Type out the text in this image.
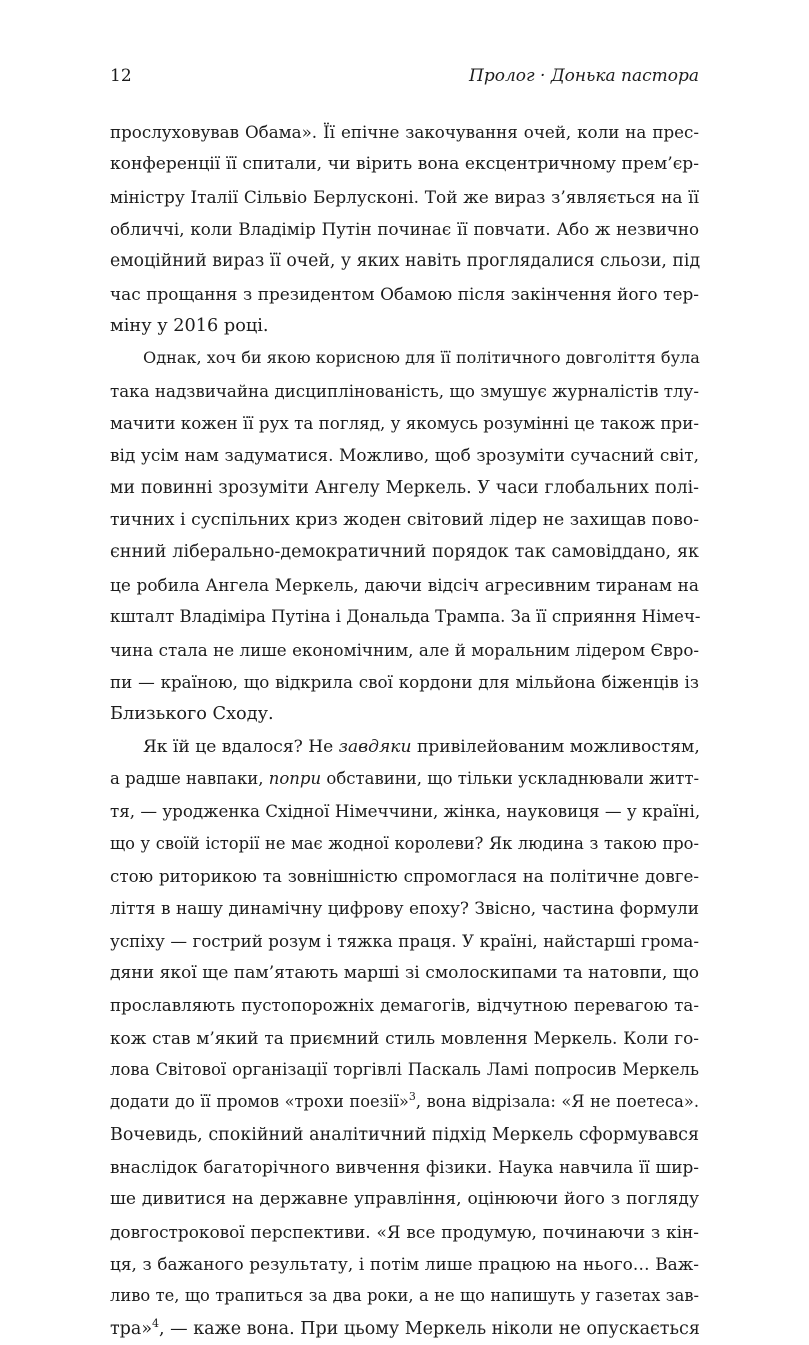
12	Пролог · Донька пастора
прослуховував Обама». Її епічне закочування очей, коли на прес-
конференції її спитали, чи вірить вона ексцентричному прем’єр-
міністру Італії Сільвіо Берлусконі. Той же вираз з’являється на її
обличчі, коли Владімір Путін починає її повчати. Або ж незвично
емоційний вираз її очей, у яких навіть проглядалися сльози, під
час прощання з президентом Обамою після закінчення його тер-
міну у 2016 році.
Однак, хоч би якою корисною для її політичного довголіття була
така надзвичайна дисциплінованість, що змушує журналістів тлу-
мачити кожен її рух та погляд, у якомусь розумінні це також при-
від усім нам задуматися. Можливо, щоб зрозуміти сучасний світ,
ми повинні зрозуміти Ангелу Меркель. У часи глобальних полі-
тичних і суспільних криз жоден світовий лідер не захищав пово-
єнний ліберально-демократичний порядок так самовіддано, як
це робила Ангела Меркель, даючи відсіч агресивним тиранам на
кшталт Владіміра Путіна і Дональда Трампа. За її сприяння Німеч-
чина стала не лише економічним, але й моральним лідером Євро-
пи — країною, що відкрила свої кордони для мільйона біженців із
Близького Сходу.
Як їй це вдалося? Не завдяки привілейованим можливостям,
а радше навпаки, попри обставини, що тільки ускладнювали житт-
тя, — уродженка Східної Німеччини, жінка, науковиця — у країні,
що у своїй історії не має жодної королеви? Як людина з такою про-
стою риторикою та зовнішністю спромоглася на політичне довге-
ліття в нашу динамічну цифрову епоху? Звісно, частина формули
успіху — гострий розум і тяжка праця. У країні, найстарші грома-
дяни якої ще пам’ятають марші зі смолоскипами та натовпи, що
прославляють пустопорожніх демагогів, відчутною перевагою та-
кож став м’який та приємний стиль мовлення Меркель. Коли го-
лова Світової організації торгівлі Паскаль Ламі попросив Меркель
додати до її промов «трохи поезії»$^3$, вона відрізала: «Я не поетеса».
Вочевидь, спокійний аналітичний підхід Меркель сформувався
внаслідок багаторічного вивчення фізики. Наука навчила її шир-
ше дивитися на державне управління, оцінюючи його з погляду
довгострокової перспективи. «Я все продумую, починаючи з кін-
ця, з бажаного результату, і потім лише працюю на нього… Важ-
ливо те, що трапиться за два роки, а не що напишуть у газетах зав-
тра»$^4$, — каже вона. При цьому Меркель ніколи не опускається
